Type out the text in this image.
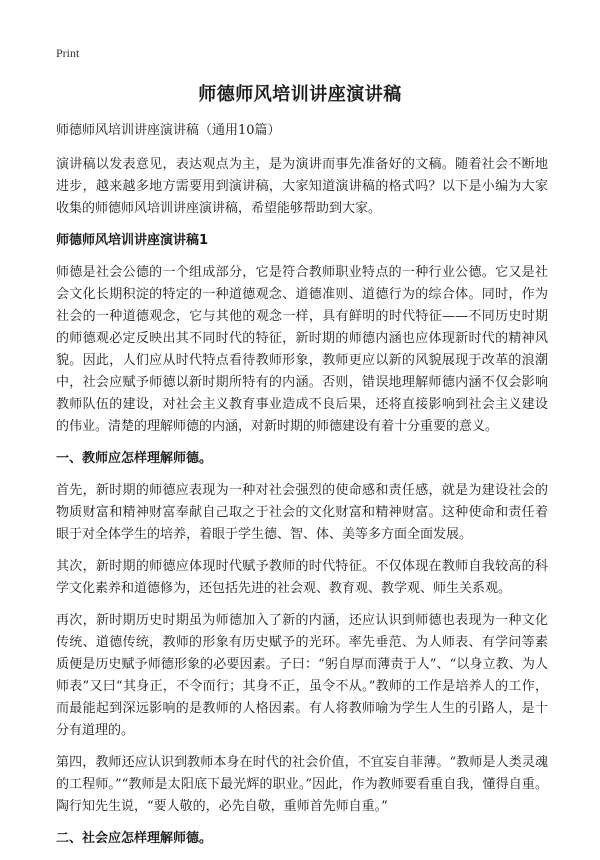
Print
师德师风培训讲座演讲稿

师德师风培训讲座演讲稿（通用10篇）

演讲稿以发表意见，表达观点为主，是为演讲而事先准备好的文稿。随着社会不断地进步，越来越多地方需要用到演讲稿，大家知道演讲稿的格式吗？以下是小编为大家收集的师德师风培训讲座演讲稿，希望能够帮助到大家。

师德师风培训讲座演讲稿1

师德是社会公德的一个组成部分，它是符合教师职业特点的一种行业公德。它又是社会文化长期积淀的特定的一种道德观念、道德准则、道德行为的综合体。同时，作为社会的一种道德观念，它与其他的观念一样，具有鲜明的时代特征——不同历史时期的师德观必定反映出其不同时代的特征，新时期的师德内涵也应体现新时代的精神风貌。因此，人们应从时代特点看待教师形象，教师更应以新的风貌展现于改革的浪潮中，社会应赋予师德以新时期所特有的内涵。否则，错误地理解师德内涵不仅会影响教师队伍的建设，对社会主义教育事业造成不良后果，还将直接影响到社会主义建设的伟业。清楚的理解师德的内涵，对新时期的师德建设有着十分重要的意义。

一、教师应怎样理解师德。

首先，新时期的师德应表现为一种对社会强烈的使命感和责任感，就是为建设社会的物质财富和精神财富奉献自己取之于社会的文化财富和精神财富。这种使命和责任着眼于对全体学生的培养，着眼于学生德、智、体、美等多方面全面发展。

其次，新时期的师德应体现时代赋予教师的时代特征。不仅体现在教师自我较高的科学文化素养和道德修为，还包括先进的社会观、教育观、教学观、师生关系观。

再次，新时期历史时期虽为师德加入了新的内涵，还应认识到师德也表现为一种文化传统、道德传统，教师的形象有历史赋予的光环。率先垂范、为人师表、有学问等素质便是历史赋予师德形象的必要因素。子曰：“躬自厚而薄责于人”、“以身立教、为人师表”又曰“其身正，不令而行；其身不正，虽令不从。”教师的工作是培养人的工作，而最能起到深远影响的是教师的人格因素。有人将教师喻为学生人生的引路人，是十分有道理的。

第四，教师还应认识到教师本身在时代的社会价值，不宜妄自菲薄。“教师是人类灵魂的工程师。”“教师是太阳底下最光辉的职业。”因此，作为教师要看重自我，懂得自重。陶行知先生说，“要人敬的，必先自敬，重师首先师自重。”

二、社会应怎样理解师德。
